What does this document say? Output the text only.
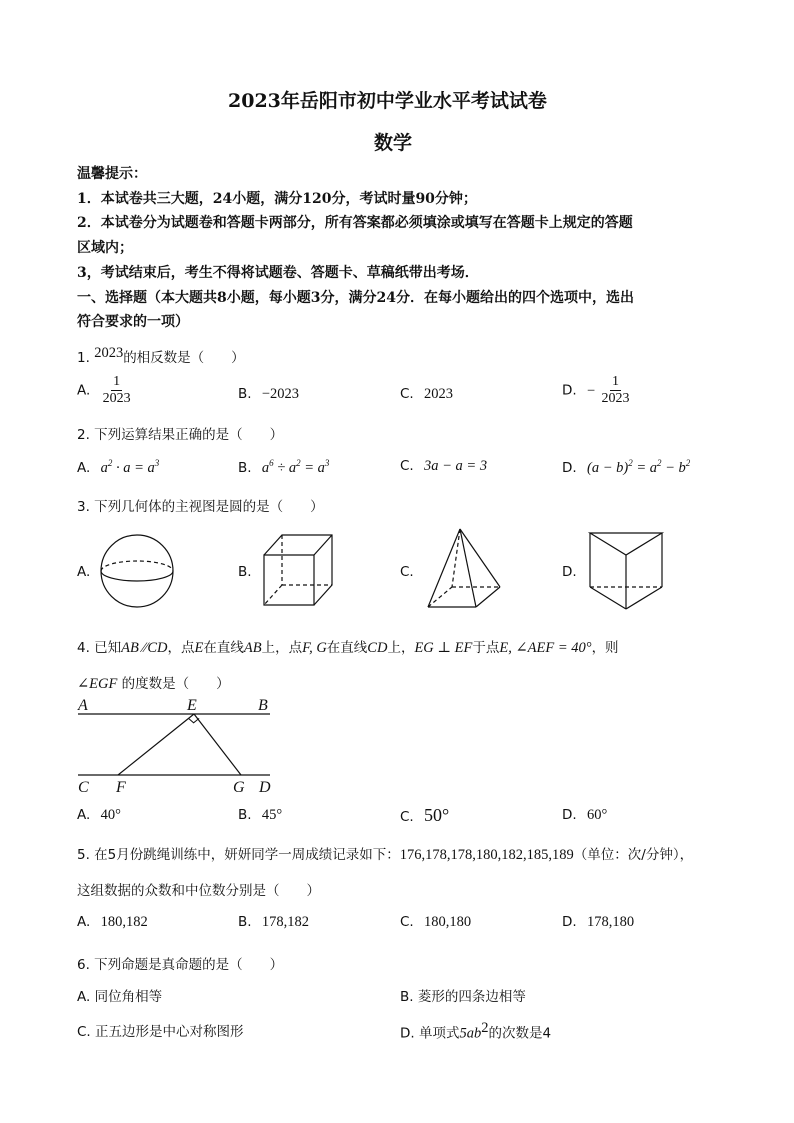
2023年岳阳市初中学业水平考试试卷
数学
温馨提示：
1．本试卷共三大题，24小题，满分120分，考试时量90分钟；
2．本试卷分为试题卷和答题卡两部分，所有答案都必须填涂或填写在答题卡上规定的答题
区域内；
3，考试结束后，考生不得将试题卷、答题卡、草稿纸带出考场．
一、选择题（本大题共8小题，每小题3分，满分24分．在每小题给出的四个选项中，选出
符合要求的一项）
1. 2023的相反数是（　　）
A. $\frac{1}{2023}$	B. −2023	C. 2023	D. − $\frac{1}{2023}$
2. 下列运算结果正确的是（　　）
A. $a^2 \cdot a = a^3$	B. $a^6 \div a^2 = a^3$	C. 3a − a = 3	D. $(a - b)^2 = a^2 - b^2$
3. 下列几何体的主视图是圆的是（　　）
A.	B.	C.	D.
4. 已知AB ⁄⁄CD，点E在直线AB上，点F, G在直线CD上，EG ⊥ EF于点E, ∠AEF = 40°，则
∠EGF 的度数是（　　）
A	E	B
C F	G D
A. 40°	B. 45°	C. 50°	D. 60°
5. 在5月份跳绳训练中，妍妍同学一周成绩记录如下：176,178,178,180,182,185,189（单位：次/分钟），
这组数据的众数和中位数分别是（　　）
A. 180,182	B. 178,182	C. 180,180	D. 178,180
6. 下列命题是真命题的是（　　）
A. 同位角相等	B. 菱形的四条边相等
C. 正五边形是中心对称图形	D. 单项式$5ab^2$的次数是4
